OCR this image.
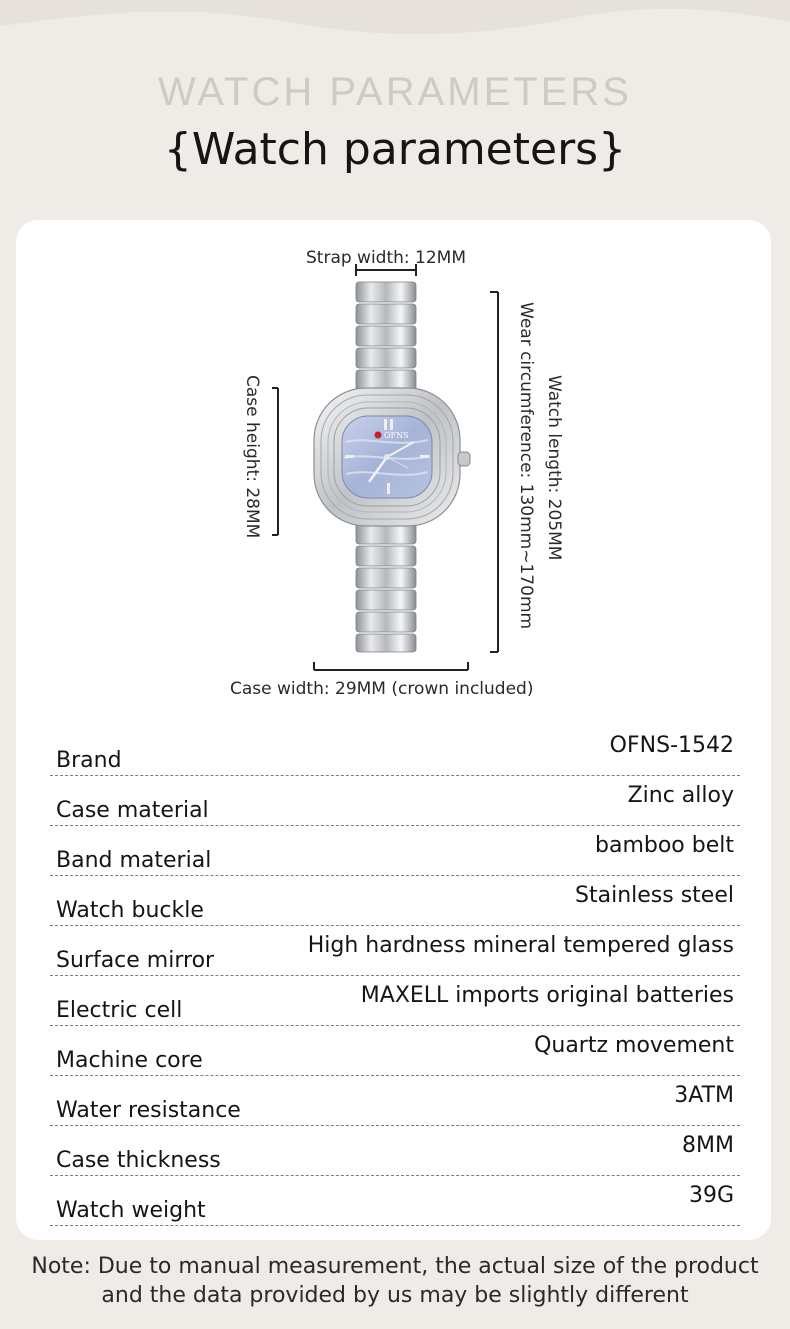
WATCH PARAMETERS
{Watch parameters}
OFNS
Strap width: 12MM
Case height: 28MM	Watch length: 205MM
Wear circumference: 130mm~170mm
Case width: 29MM (crown included)
Brand
OFNS-1542
Case material
Zinc alloy
Band material
bamboo belt
Watch buckle
Stainless steel
Surface mirror
High hardness mineral tempered glass
Electric cell
MAXELL imports original batteries
Machine core
Quartz movement
Water resistance
3ATM
Case thickness
8MM
Watch weight
39G
Note: Due to manual measurement, the actual size of the product
and the data provided by us may be slightly different
